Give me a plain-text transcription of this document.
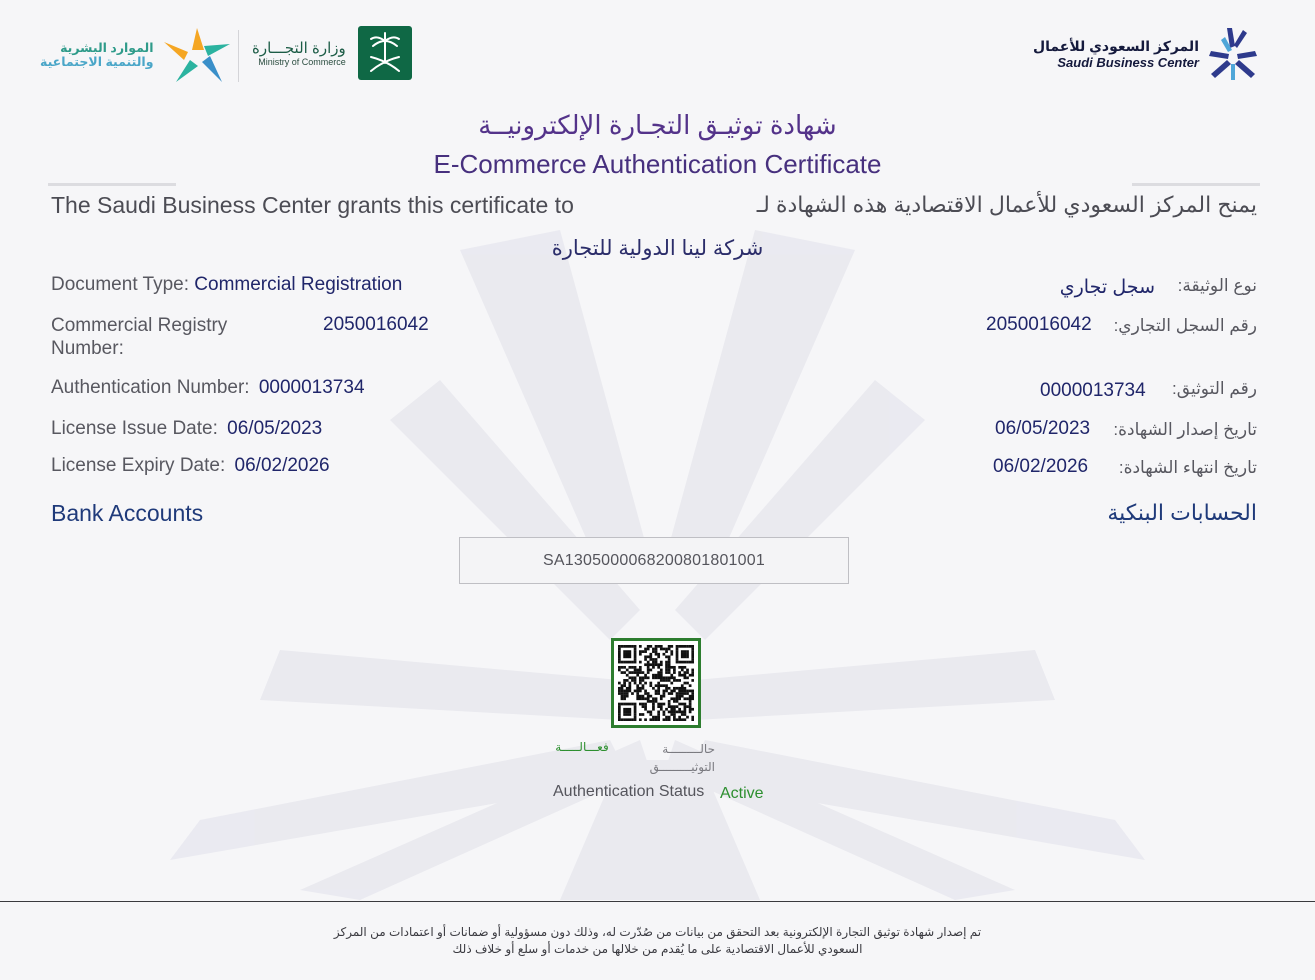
الموارد البشرية
والتنمية الاجتماعية
وزارة التجـــارة
Ministry of Commerce
المركز السعودي للأعمال
Saudi Business Center
شهادة توثيـق التجـارة الإلكترونيــة
E-Commerce Authentication Certificate
The Saudi Business Center grants this certificate to	يمنح المركز السعودي للأعمال الاقتصادية هذه الشهادة لـ
شركة لينا الدولية للتجارة
Document Type: Commercial Registration	سجل تجاري نوع الوثيقة:
Commercial Registry
Number:
2050016042	2050016042 رقم السجل التجاري:
Authentication Number: 0000013734	0000013734 رقم التوثيق:
License Issue Date: 06/05/2023	06/05/2023 تاريخ إصدار الشهادة:
License Expiry Date: 06/02/2026	06/02/2026 تاريخ انتهاء الشهادة:
Bank Accounts	الحسابات البنكية
SA1305000068200801801001
حالـــــــــة
التوثيـــــــــق
فعـــالـــــة
Authentication Status Active
تم إصدار شهادة توثيق التجارة الإلكترونية بعد التحقق من بيانات من صُدّرت له، وذلك دون مسؤولية أو ضمانات أو اعتمادات من المركز
السعودي للأعمال الاقتصادية على ما يُقدم من خلالها من خدمات أو سلع أو خلاف ذلك
